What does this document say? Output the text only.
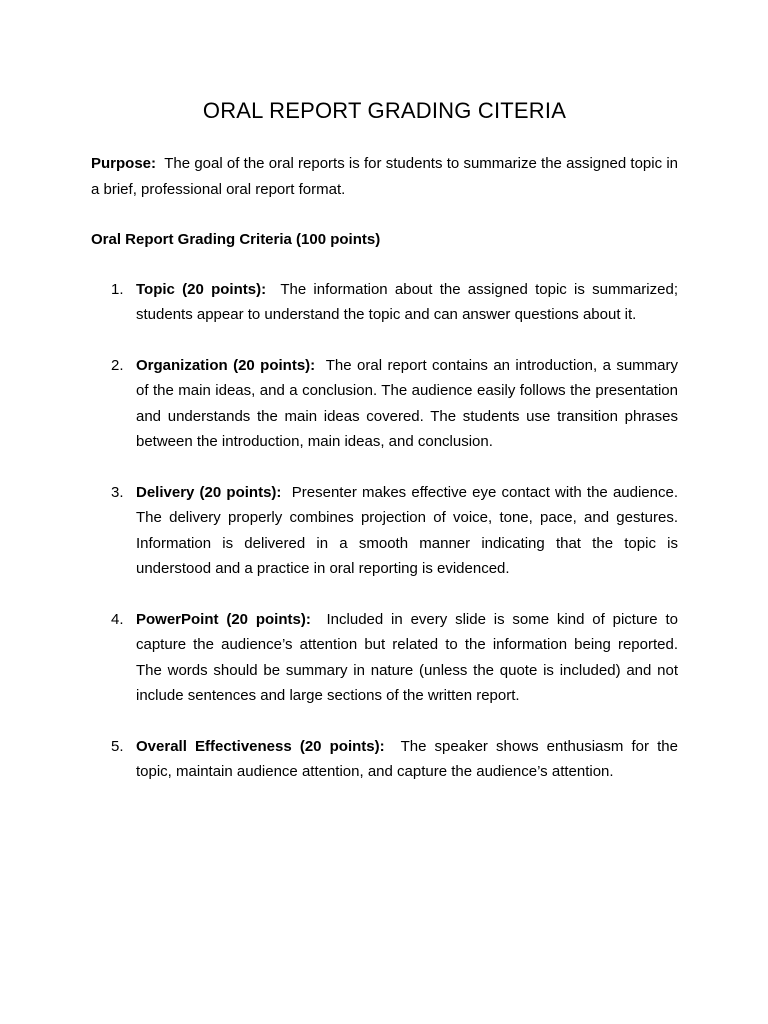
ORAL REPORT GRADING CITERIA

Purpose: The goal of the oral reports is for students to summarize the assigned topic in a brief, professional oral report format.

Oral Report Grading Criteria (100 points)

1. Topic (20 points): The information about the assigned topic is summarized; students appear to understand the topic and can answer questions about it.
2. Organization (20 points): The oral report contains an introduction, a summary of the main ideas, and a conclusion. The audience easily follows the presentation and understands the main ideas covered. The students use transition phrases between the introduction, main ideas, and conclusion.
3. Delivery (20 points): Presenter makes effective eye contact with the audience. The delivery properly combines projection of voice, tone, pace, and gestures. Information is delivered in a smooth manner indicating that the topic is understood and a practice in oral reporting is evidenced.
4. PowerPoint (20 points): Included in every slide is some kind of picture to capture the audience’s attention but related to the information being reported. The words should be summary in nature (unless the quote is included) and not include sentences and large sections of the written report.
5. Overall Effectiveness (20 points): The speaker shows enthusiasm for the topic, maintain audience attention, and capture the audience’s attention.
